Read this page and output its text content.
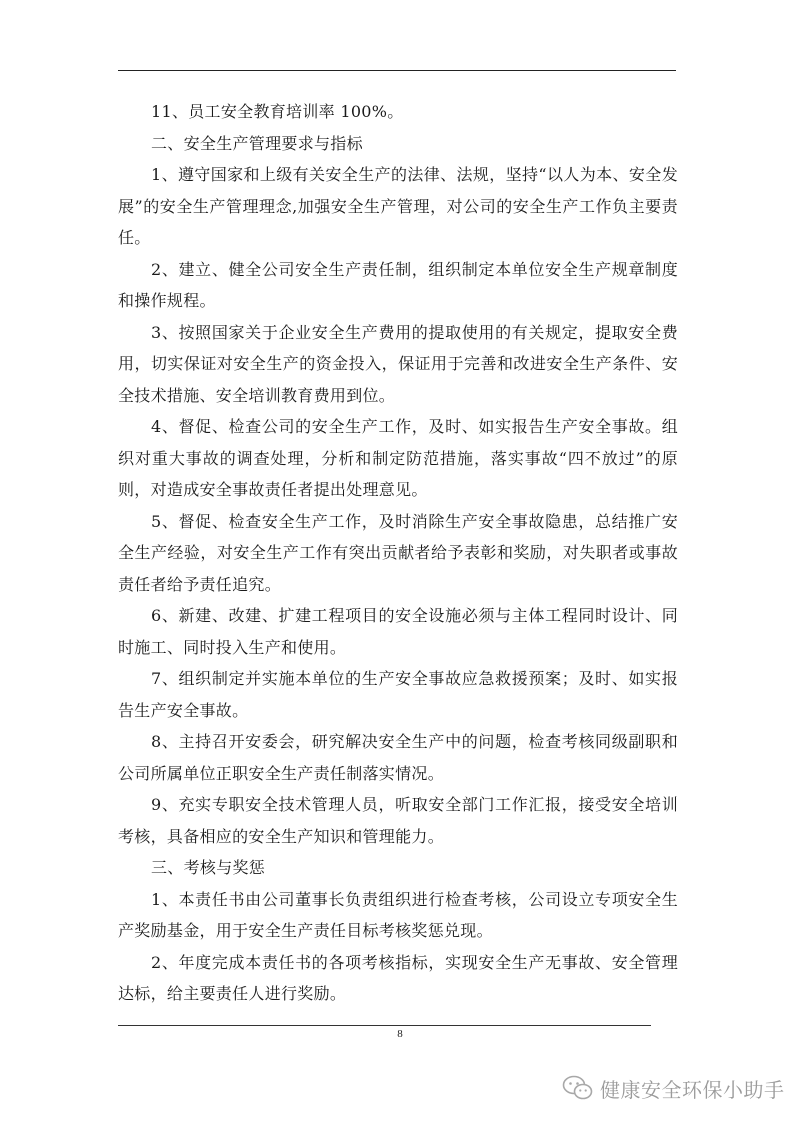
11、员工安全教育培训率 100%。

二、安全生产管理要求与指标

1、遵守国家和上级有关安全生产的法律、法规，坚持“以人为本、安全发展”的安全生产管理理念,加强安全生产管理，对公司的安全生产工作负主要责任。

2、建立、健全公司安全生产责任制，组织制定本单位安全生产规章制度和操作规程。

3、按照国家关于企业安全生产费用的提取使用的有关规定，提取安全费用，切实保证对安全生产的资金投入，保证用于完善和改进安全生产条件、安全技术措施、安全培训教育费用到位。

4、督促、检查公司的安全生产工作，及时、如实报告生产安全事故。组织对重大事故的调查处理，分析和制定防范措施，落实事故“四不放过”的原则，对造成安全事故责任者提出处理意见。

5、督促、检查安全生产工作，及时消除生产安全事故隐患，总结推广安全生产经验，对安全生产工作有突出贡献者给予表彰和奖励，对失职者或事故责任者给予责任追究。

6、新建、改建、扩建工程项目的安全设施必须与主体工程同时设计、同时施工、同时投入生产和使用。

7、组织制定并实施本单位的生产安全事故应急救援预案；及时、如实报告生产安全事故。

8、主持召开安委会，研究解决安全生产中的问题，检查考核同级副职和公司所属单位正职安全生产责任制落实情况。

9、充实专职安全技术管理人员，听取安全部门工作汇报，接受安全培训考核，具备相应的安全生产知识和管理能力。

三、考核与奖惩

1、本责任书由公司董事长负责组织进行检查考核，公司设立专项安全生产奖励基金，用于安全生产责任目标考核奖惩兑现。

2、年度完成本责任书的各项考核指标，实现安全生产无事故、安全管理达标，给主要责任人进行奖励。

8
健康安全环保小助手
